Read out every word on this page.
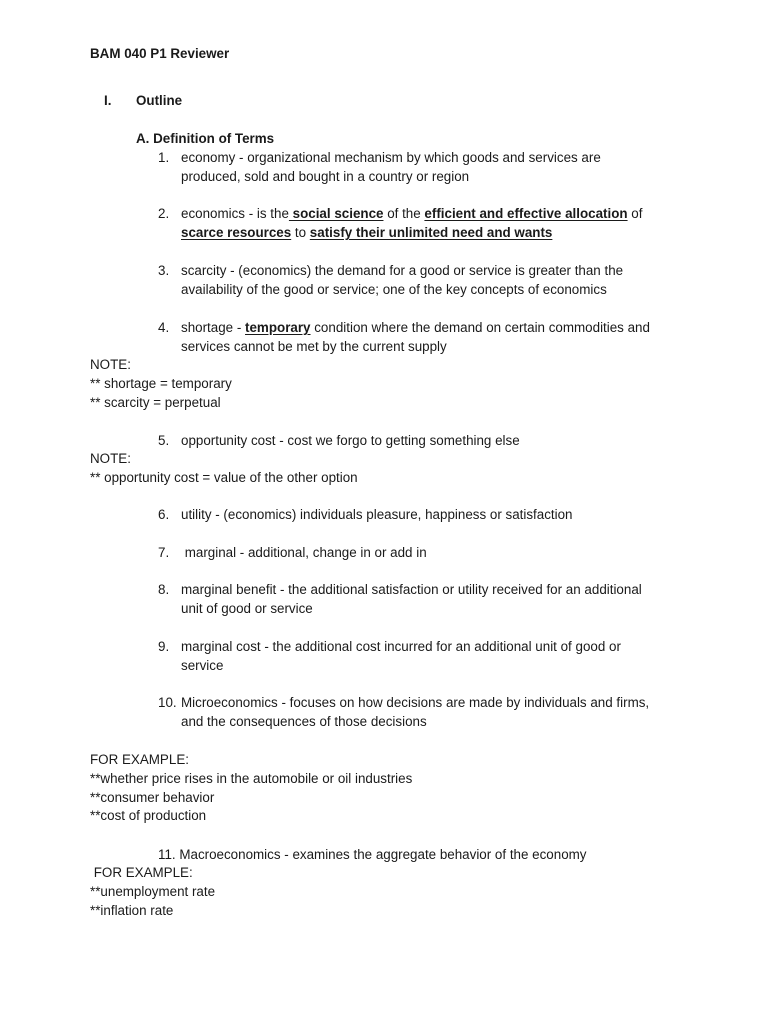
BAM 040 P1 Reviewer
I. Outline
A. Definition of Terms
1. economy - organizational mechanism by which goods and services are
produced, sold and bought in a country or region
2. economics - is the social science of the efficient and effective allocation of
scarce resources to satisfy their unlimited need and wants
3. scarcity - (economics) the demand for a good or service is greater than the
availability of the good or service; one of the key concepts of economics
4. shortage - temporary condition where the demand on certain commodities and
services cannot be met by the current supply
NOTE:
** shortage = temporary
** scarcity = perpetual
5. opportunity cost - cost we forgo to getting something else
NOTE:
** opportunity cost = value of the other option
6. utility - (economics) individuals pleasure, happiness or satisfaction
7. marginal - additional, change in or add in
8. marginal benefit - the additional satisfaction or utility received for an additional
unit of good or service
9. marginal cost - the additional cost incurred for an additional unit of good or
service
10. Microeconomics - focuses on how decisions are made by individuals and firms,
and the consequences of those decisions
FOR EXAMPLE:
**whether price rises in the automobile or oil industries
**consumer behavior
**cost of production
11. Macroeconomics - examines the aggregate behavior of the economy
FOR EXAMPLE:
**unemployment rate
**inflation rate
